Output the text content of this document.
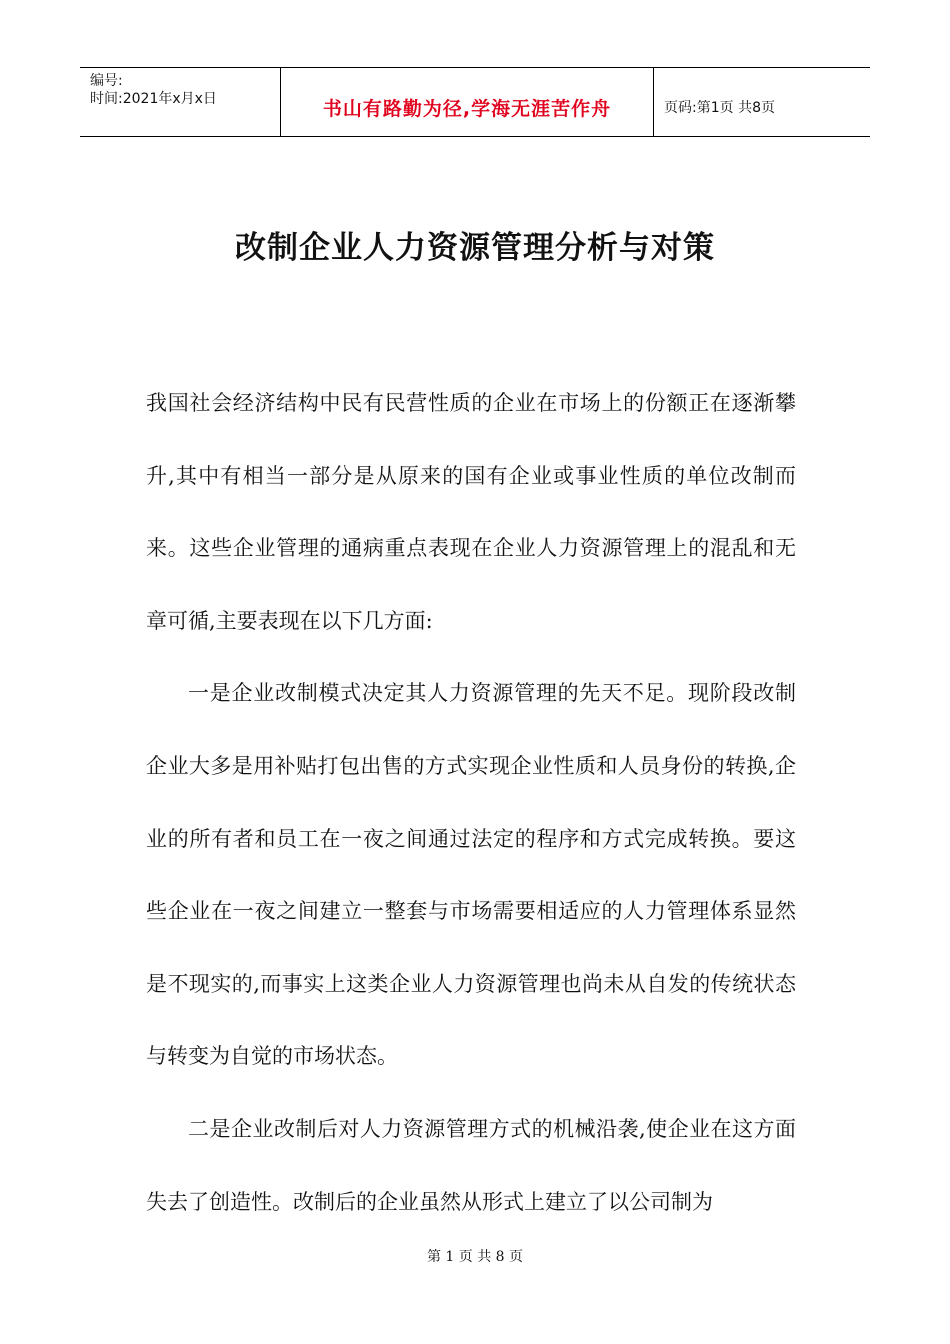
编号:
时间:2021年x月x日	书山有路勤为径,学海无涯苦作舟	页码:第1页 共8页
改制企业人力资源管理分析与对策

我国社会经济结构中民有民营性质的企业在市场上的份额正在逐渐攀升,其中有相当一部分是从原来的国有企业或事业性质的单位改制而来。这些企业管理的通病重点表现在企业人力资源管理上的混乱和无章可循,主要表现在以下几方面:

一是企业改制模式决定其人力资源管理的先天不足。现阶段改制企业大多是用补贴打包出售的方式实现企业性质和人员身份的转换,企业的所有者和员工在一夜之间通过法定的程序和方式完成转换。要这些企业在一夜之间建立一整套与市场需要相适应的人力管理体系显然是不现实的,而事实上这类企业人力资源管理也尚未从自发的传统状态与转变为自觉的市场状态。

二是企业改制后对人力资源管理方式的机械沿袭,使企业在这方面失去了创造性。改制后的企业虽然从形式上建立了以公司制为

第 1 页 共 8 页
